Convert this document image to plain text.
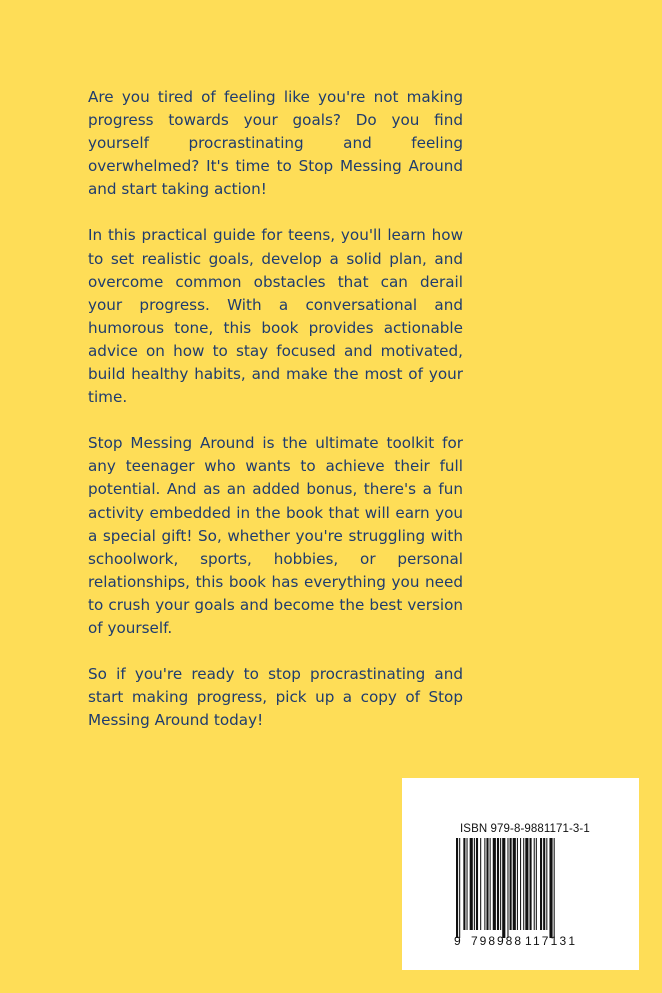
Are you tired of feeling like you're not making progress towards your goals? Do you find yourself procrastinating and feeling overwhelmed? It's time to Stop Messing Around and start taking action!

In this practical guide for teens, you'll learn how to set realistic goals, develop a solid plan, and overcome common obstacles that can derail your progress. With a conversational and humorous tone, this book provides actionable advice on how to stay focused and motivated, build healthy habits, and make the most of your time.

Stop Messing Around is the ultimate toolkit for any teenager who wants to achieve their full potential. And as an added bonus, there's a fun activity embedded in the book that will earn you a special gift! So, whether you're struggling with schoolwork, sports, hobbies, or personal relationships, this book has everything you need to crush your goals and become the best version of yourself.

So if you're ready to stop procrastinating and start making progress, pick up a copy of Stop Messing Around today!

ISBN 979-8-9881171-3-1
9 798988 117131
